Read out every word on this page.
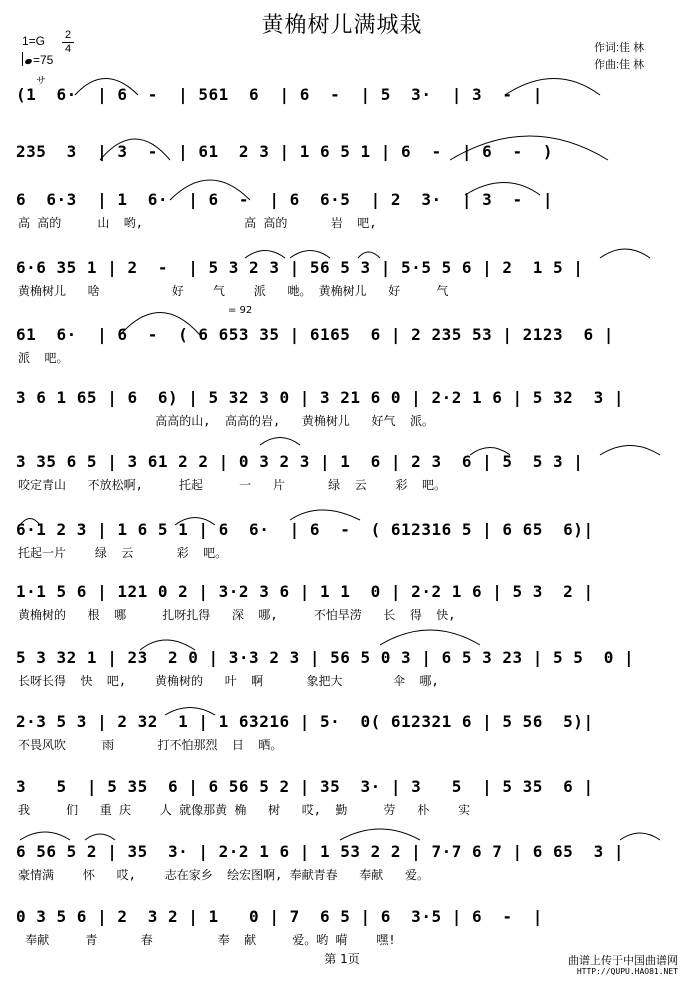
黄桷树儿满城栽
1=G 2
4
=75
サ
= 92
作词:佳 林
作曲:佳 林
(1  6·  | 6  -  | 561  6  | 6  -  | 5  3·  | 3  -  |
235  3  | 3  -  | 61  2 3 | 1 6 5 1 | 6  -  | 6  -  )
6  6·3  | 1  6·  | 6  -  | 6  6·5  | 2  3·  | 3  -  |
高 高的     山  哟,              高 高的      岩  吧,
6·6 35 1 | 2  -  | 5 3 2 3 | 56 5 3 | 5·5 5 6 | 2  1 5 |
黄桷树儿   啥          好    气    派   哋。 黄桷树儿   好     气
61  6·  | 6  -  ( 6 653 35 | 6165  6 | 2 235 53 | 2123  6 |
派  吧。
3 6 1 65 | 6  6) | 5 32 3 0 | 3 21 6 0 | 2·2 1 6 | 5 32  3 |
高高的山,  高高的岩,   黄桷树儿   好气  派。
3 35 6 5 | 3 61 2 2 | 0 3 2 3 | 1  6 | 2 3  6 | 5  5 3 |
咬定青山   不放松啊,     托起     一   片      绿  云    彩  吧。
6·1 2 3 | 1 6 5 1 | 6  6·  | 6  -  ( 612316 5 | 6 65  6)|
托起一片    绿  云      彩  吧。
1·1 5 6 | 121 0 2 | 3·2 3 6 | 1 1  0 | 2·2 1 6 | 5 3  2 |
黄桷树的   根  哪     扎呀扎得   深  哪,     不怕旱涝   长  得  快,
5 3 32 1 | 23  2 0 | 3·3 2 3 | 56 5 0 3 | 6 5 3 23 | 5 5  0 |
长呀长得  快  吧,    黄桷树的   叶  啊      象把大       伞  哪,
2·3 5 3 | 2 32  1 | 1 63216 | 5·  0( 612321 6 | 5 56  5)|
不畏风吹     雨      打不怕那烈  日  晒。
3   5  | 5 35  6 | 6 56 5 2 | 35  3· | 3   5  | 5 35  6 |
我     们   重 庆    人 就像那黄 桷   树   哎,  勤     劳   朴    实
6 56 5 2 | 35  3· | 2·2 1 6 | 1 53 2 2 | 7·7 6 7 | 6 65  3 |
豪情满    怀   哎,    志在家乡  绘宏图啊, 奉献青春   奉献   爱。
0 3 5 6 | 2  3 2 | 1   0 | 7  6 5 | 6  3·5 | 6  -  |
奉献     青      春         奉  献     爱。哟 嗬    嘿!
第 1页	曲谱上传于中国曲谱网
HTTP://QUPU.HAO81.NET
